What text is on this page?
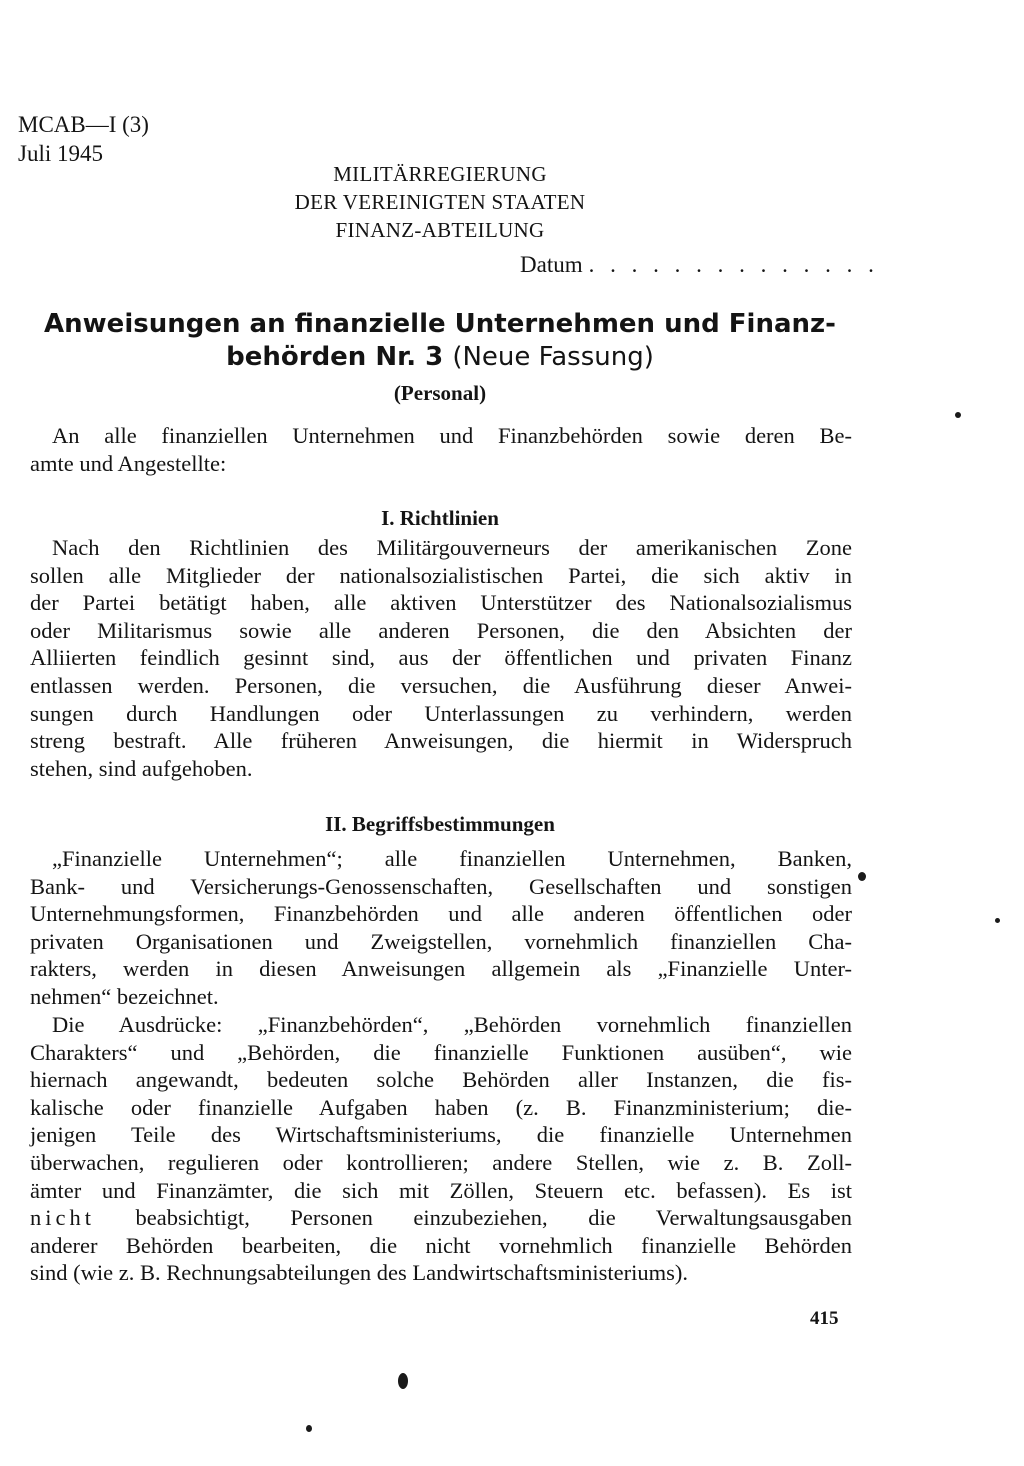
MCAB—I (3)
Juli 1945
MILITÄRREGIERUNG
DER VEREINIGTEN STAATEN
FINANZ-ABTEILUNG
Datum . . . . . . . . . . . . . .
Anweisungen an finanzielle Unternehmen und Finanz-
behörden Nr. 3 (Neue Fassung)
(Personal)
An alle finanziellen Unternehmen und Finanzbehörden sowie deren Be-
amte und Angestellte:
I. Richtlinien
Nach den Richtlinien des Militärgouverneurs der amerikanischen Zone
sollen alle Mitglieder der nationalsozialistischen Partei, die sich aktiv in
der Partei betätigt haben, alle aktiven Unterstützer des Nationalsozialismus
oder Militarismus sowie alle anderen Personen, die den Absichten der
Alliierten feindlich gesinnt sind, aus der öffentlichen und privaten Finanz
entlassen werden. Personen, die versuchen, die Ausführung dieser Anwei-
sungen durch Handlungen oder Unterlassungen zu verhindern, werden
streng bestraft. Alle früheren Anweisungen, die hiermit in Widerspruch
stehen, sind aufgehoben.
II. Begriffsbestimmungen
„Finanzielle Unternehmen“; alle finanziellen Unternehmen, Banken,
Bank- und Versicherungs-Genossenschaften, Gesellschaften und sonstigen
Unternehmungsformen, Finanzbehörden und alle anderen öffentlichen oder
privaten Organisationen und Zweigstellen, vornehmlich finanziellen Cha-
rakters, werden in diesen Anweisungen allgemein als „Finanzielle Unter-
nehmen“ bezeichnet.
Die Ausdrücke: „Finanzbehörden“, „Behörden vornehmlich finanziellen
Charakters“ und „Behörden, die finanzielle Funktionen ausüben“, wie
hiernach angewandt, bedeuten solche Behörden aller Instanzen, die fis-
kalische oder finanzielle Aufgaben haben (z. B. Finanzministerium; die-
jenigen Teile des Wirtschaftsministeriums, die finanzielle Unternehmen
überwachen, regulieren oder kontrollieren; andere Stellen, wie z. B. Zoll-
ämter und Finanzämter, die sich mit Zöllen, Steuern etc. befassen). Es ist
nicht beabsichtigt, Personen einzubeziehen, die Verwaltungsausgaben
anderer Behörden bearbeiten, die nicht vornehmlich finanzielle Behörden
sind (wie z. B. Rechnungsabteilungen des Landwirtschaftsministeriums).
415
